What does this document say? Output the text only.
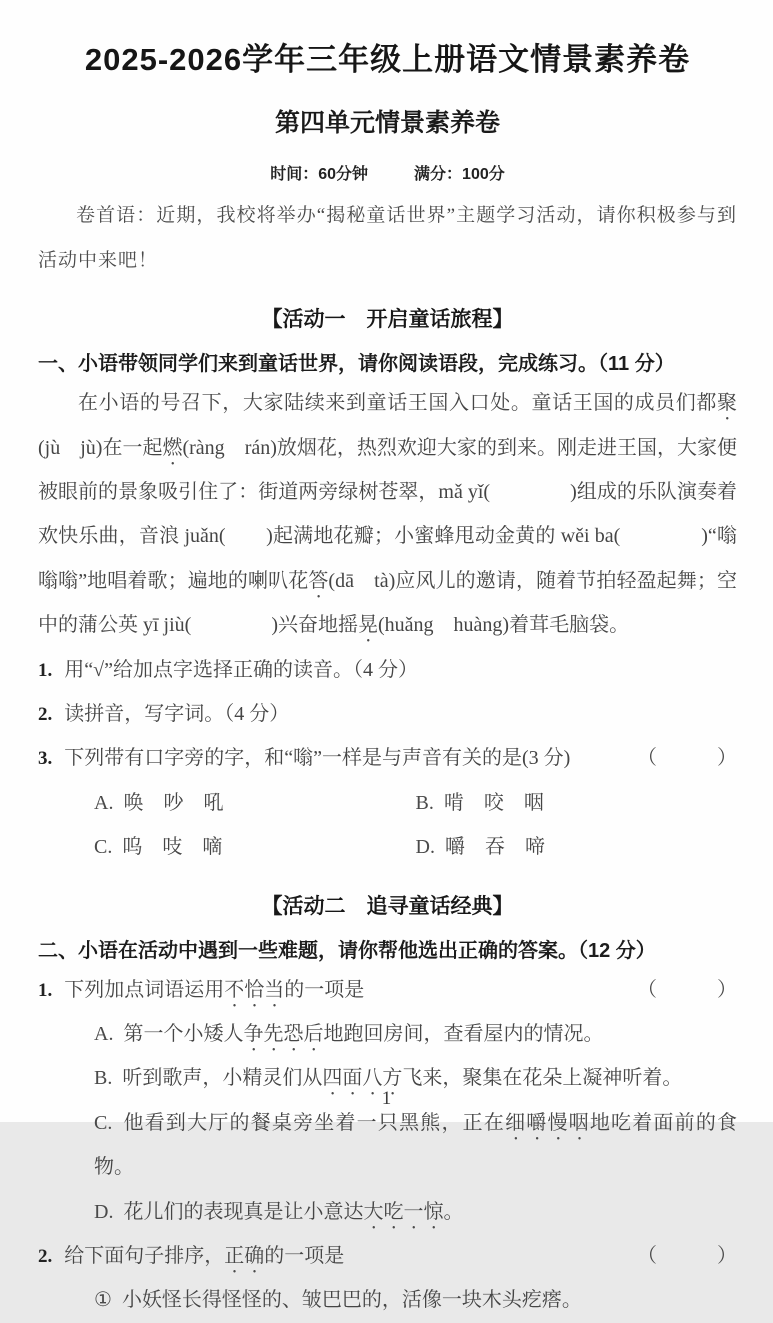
2025-2026学年三年级上册语文情景素养卷
第四单元情景素养卷
时间：60分钟	满分：100分

卷首语：近期，我校将举办“揭秘童话世界”主题学习活动，请你积极参与到活动中来吧！

【活动一　开启童话旅程】
一、小语带领同学们来到童话世界，请你阅读语段，完成练习。（11 分）

在小语的号召下，大家陆续来到童话王国入口处。童话王国的成员们都聚(jù　jù)在一起燃(ràng　rán)放烟花，热烈欢迎大家的到来。刚走进王国，大家便被眼前的景象吸引住了：街道两旁绿树苍翠，mǎ yǐ(　　　　)组成的乐队演奏着欢快乐曲，音浪 juǎn(　　)起满地花瓣；小蜜蜂甩动金黄的 wěi ba(　　　　)“嗡嗡嗡”地唱着歌；遍地的喇叭花答(dā　tà)应风儿的邀请，随着节拍轻盈起舞；空中的蒲公英 yī jiù(　　　　)兴奋地摇晃(huǎng　huàng)着茸毛脑袋。

1. 用“√”给加点字选择正确的读音。（4 分）
2. 读拼音，写字词。（4 分）
3. 下列带有口字旁的字，和“嗡”一样是与声音有关的是(3 分)	（　　　）
A. 唤　吵　吼	B. 啃　咬　咽
C. 呜　吱　嘀	D. 嚼　吞　啼
【活动二　追寻童话经典】
二、小语在活动中遇到一些难题，请你帮他选出正确的答案。（12 分）
1. 下列加点词语运用不恰当的一项是	（　　　）
A. 第一个小矮人争先恐后地跑回房间，查看屋内的情况。
B. 听到歌声，小精灵们从四面八方飞来，聚集在花朵上凝神听着。
C. 他看到大厅的餐桌旁坐着一只黑熊，正在细嚼慢咽地吃着面前的食物。
D. 花儿们的表现真是让小意达大吃一惊。
2. 给下面句子排序，正确的一项是	（　　　）
① 小妖怪长得怪怪的、皱巴巴的，活像一块木头疙瘩。
1
